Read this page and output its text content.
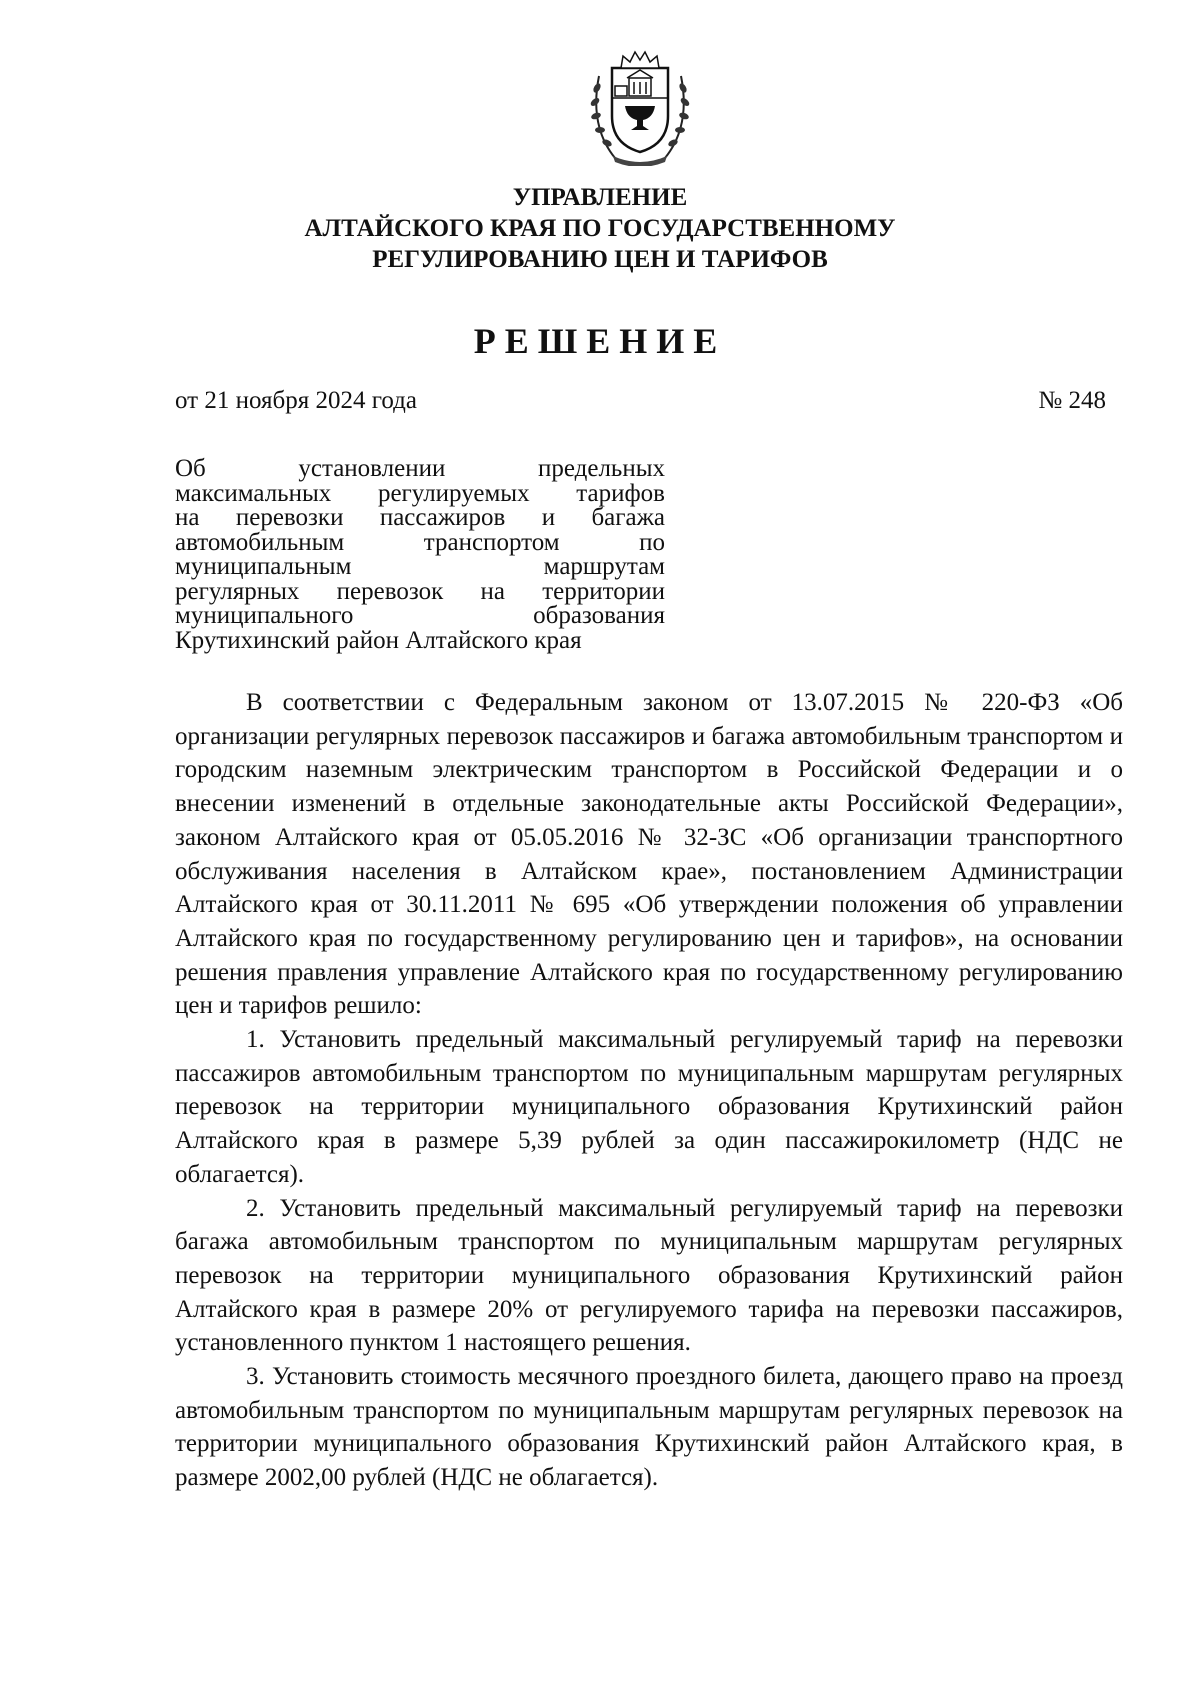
УПРАВЛЕНИЕ
АЛТАЙСКОГО КРАЯ ПО ГОСУДАРСТВЕННОМУ
РЕГУЛИРОВАНИЮ ЦЕН И ТАРИФОВ
РЕШЕНИЕ
от 21 ноября 2024 года	№ 248
Об установлении предельных
максимальных регулируемых тарифов
на перевозки пассажиров и багажа
автомобильным транспортом по
муниципальным маршрутам
регулярных перевозок на территории
муниципального образования
Крутихинский район Алтайского края

В соответствии с Федеральным законом от 13.07.2015 № 220-ФЗ «Об организации регулярных перевозок пассажиров и багажа автомобильным транспортом и городским наземным электрическим транспортом в Российской Федерации и о внесении изменений в отдельные законодательные акты Российской Федерации», законом Алтайского края от 05.05.2016 № 32-ЗС «Об организации транспортного обслуживания населения в Алтайском крае», постановлением Администрации Алтайского края от 30.11.2011 № 695 «Об утверждении положения об управлении Алтайского края по государственному регулированию цен и тарифов», на основании решения правления управление Алтайского края по государственному регулированию цен и тарифов решило:

1. Установить предельный максимальный регулируемый тариф на перевозки пассажиров автомобильным транспортом по муниципальным маршрутам регулярных перевозок на территории муниципального образования Крутихинский район Алтайского края в размере 5,39 рублей за один пассажирокилометр (НДС не облагается).

2. Установить предельный максимальный регулируемый тариф на перевозки багажа автомобильным транспортом по муниципальным маршрутам регулярных перевозок на территории муниципального образования Крутихинский район Алтайского края в размере 20% от регулируемого тарифа на перевозки пассажиров, установленного пунктом 1 настоящего решения.

3. Установить стоимость месячного проездного билета, дающего право на проезд автомобильным транспортом по муниципальным маршрутам регулярных перевозок на территории муниципального образования Крутихинский район Алтайского края, в размере 2002,00 рублей (НДС не облагается).
